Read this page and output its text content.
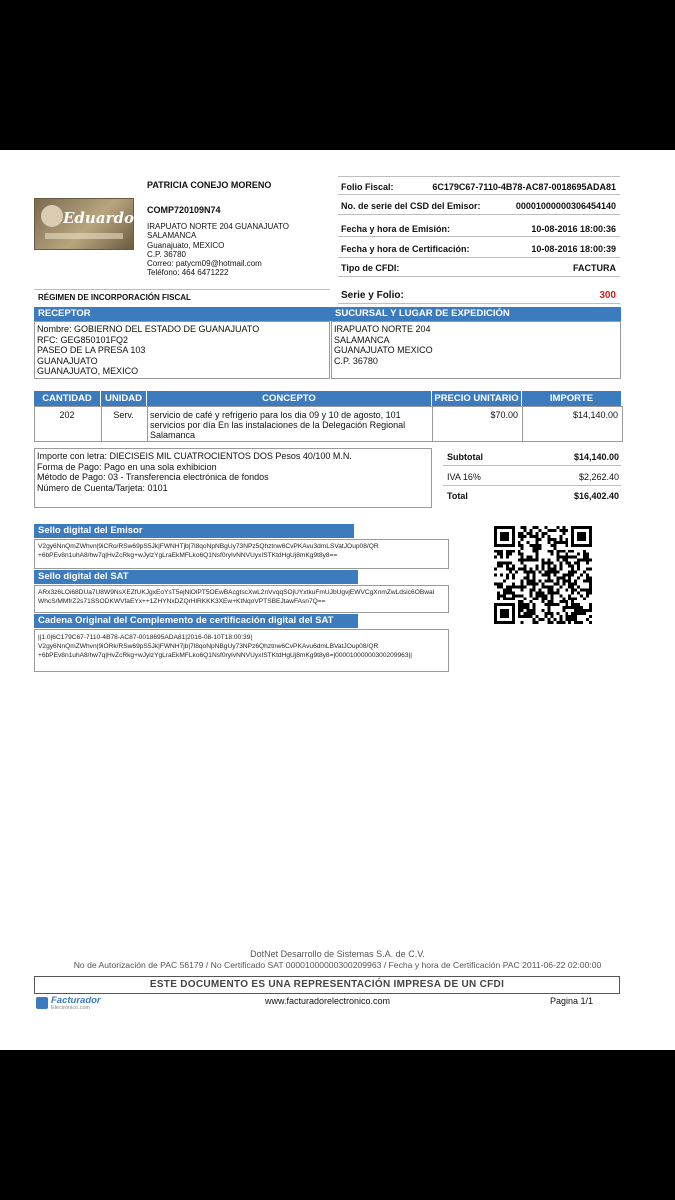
Eduardo's
PATRICIA CONEJO MORENO
COMP720109N74
IRAPUATO NORTE 204 GUANAJUATO
SALAMANCA
Guanajuato, MEXICO
C.P. 36780
Correo: patycm09@hotmail.com
Teléfono: 464 6471222
Folio Fiscal:	6C179C67-7110-4B78-AC87-0018695ADA81
No. de serie del CSD del Emisor:	00001000000306454140
Fecha y hora de Emisión:	10-08-2016 18:00:36
Fecha y hora de Certificación:	10-08-2016 18:00:39
Tipo de CFDI:	FACTURA
RÉGIMEN DE INCORPORACIÓN FISCAL	Serie y Folio:	300
RECEPTOR
Nombre: GOBIERNO DEL ESTADO DE GUANAJUATO
RFC: GEG850101FQ2
PASEO DE LA PRESA 103
GUANAJUATO
GUANAJUATO, MEXICO
SUCURSAL Y LUGAR DE EXPEDICIÓN
IRAPUATO NORTE 204
SALAMANCA
GUANAJUATO MEXICO
C.P. 36780
CANTIDAD	UNIDAD	CONCEPTO	PRECIO UNITARIO	IMPORTE
202	Serv.	servicio de café y refrigerio para los dia 09 y 10 de agosto, 101
servicios por día En las instalaciones de la Delegación Regional
Salamanca
$70.00	$14,140.00
Importe con letra: DIECISEIS MIL CUATROCIENTOS DOS Pesos 40/100 M.N.
Forma de Pago: Pago en una sola exhibicion
Método de Pago: 03 - Transferencia electrónica de fondos
Número de Cuenta/Tarjeta: 0101
Subtotal	$14,140.00
IVA 16%	$2,262.40
Total	$16,402.40
Sello digital del Emisor
V2gy6NnQmZWhvn|9iCRo/RSw69pS5Jk|FWNHTjb|7l8qoNpNBgUy73NPz5Qhztnw6CvPKAvu3dmLSVatJOup08/QR
+6bPEv8n1uhA8/hw7q|HvZcRkg+wJylzYgLraEkMFLko6Q1Nsf0ryIvNNVUyxISTKtdHgUj8mKg9t8y8==
Sello digital del SAT
ARx3z6LOi68DUa7U8W9NsXEZfUKJgxEoYsT5ejNlOlPT5OEwBAcgtscXwL2nVvqqSOjUYxtkuFmUJbUgvjEWVCgXnmZwLdsic6OBwaI
WhcS/MMfrZ2s71SSODKWVfaEYx++1ZHYNxDZQrHlRKKK3XEw+KtNqoVPTSBEJtawFAsn7Q==
Cadena Original del Complemento de certificación digital del SAT
||1.0|6C179C67-7110-4B78-AC87-0018695ADA81|2016-08-10T18:00:39|
V2gy6NnQmZWhvn|9iORk/RSw69pS5Jk|FWNH7jb|7l8qoNpNBgUy73NPz6Qhztnw6CvPKAvu6dmLBVatJOup08/QR
+6bPEv8n1uhA8/hw7q|HvZcRkg+wJylzYgLraEkMFLko6Q1Nsf0ryIvNNVUyxISTKtdHgUj8mKg9t8y8=|00001000000300209963||
DotNet Desarrollo de Sistemas S.A. de C.V.
No de Autorización de PAC 56179 / No Certificado SAT 00001000000300209963 / Fecha y hora de Certificación PAC 2011-06-22 02:00:00
ESTE DOCUMENTO ES UNA REPRESENTACIÓN IMPRESA DE UN CFDI
Facturador
Electrónico.com
www.facturadorelectronico.com	Pagina 1/1
